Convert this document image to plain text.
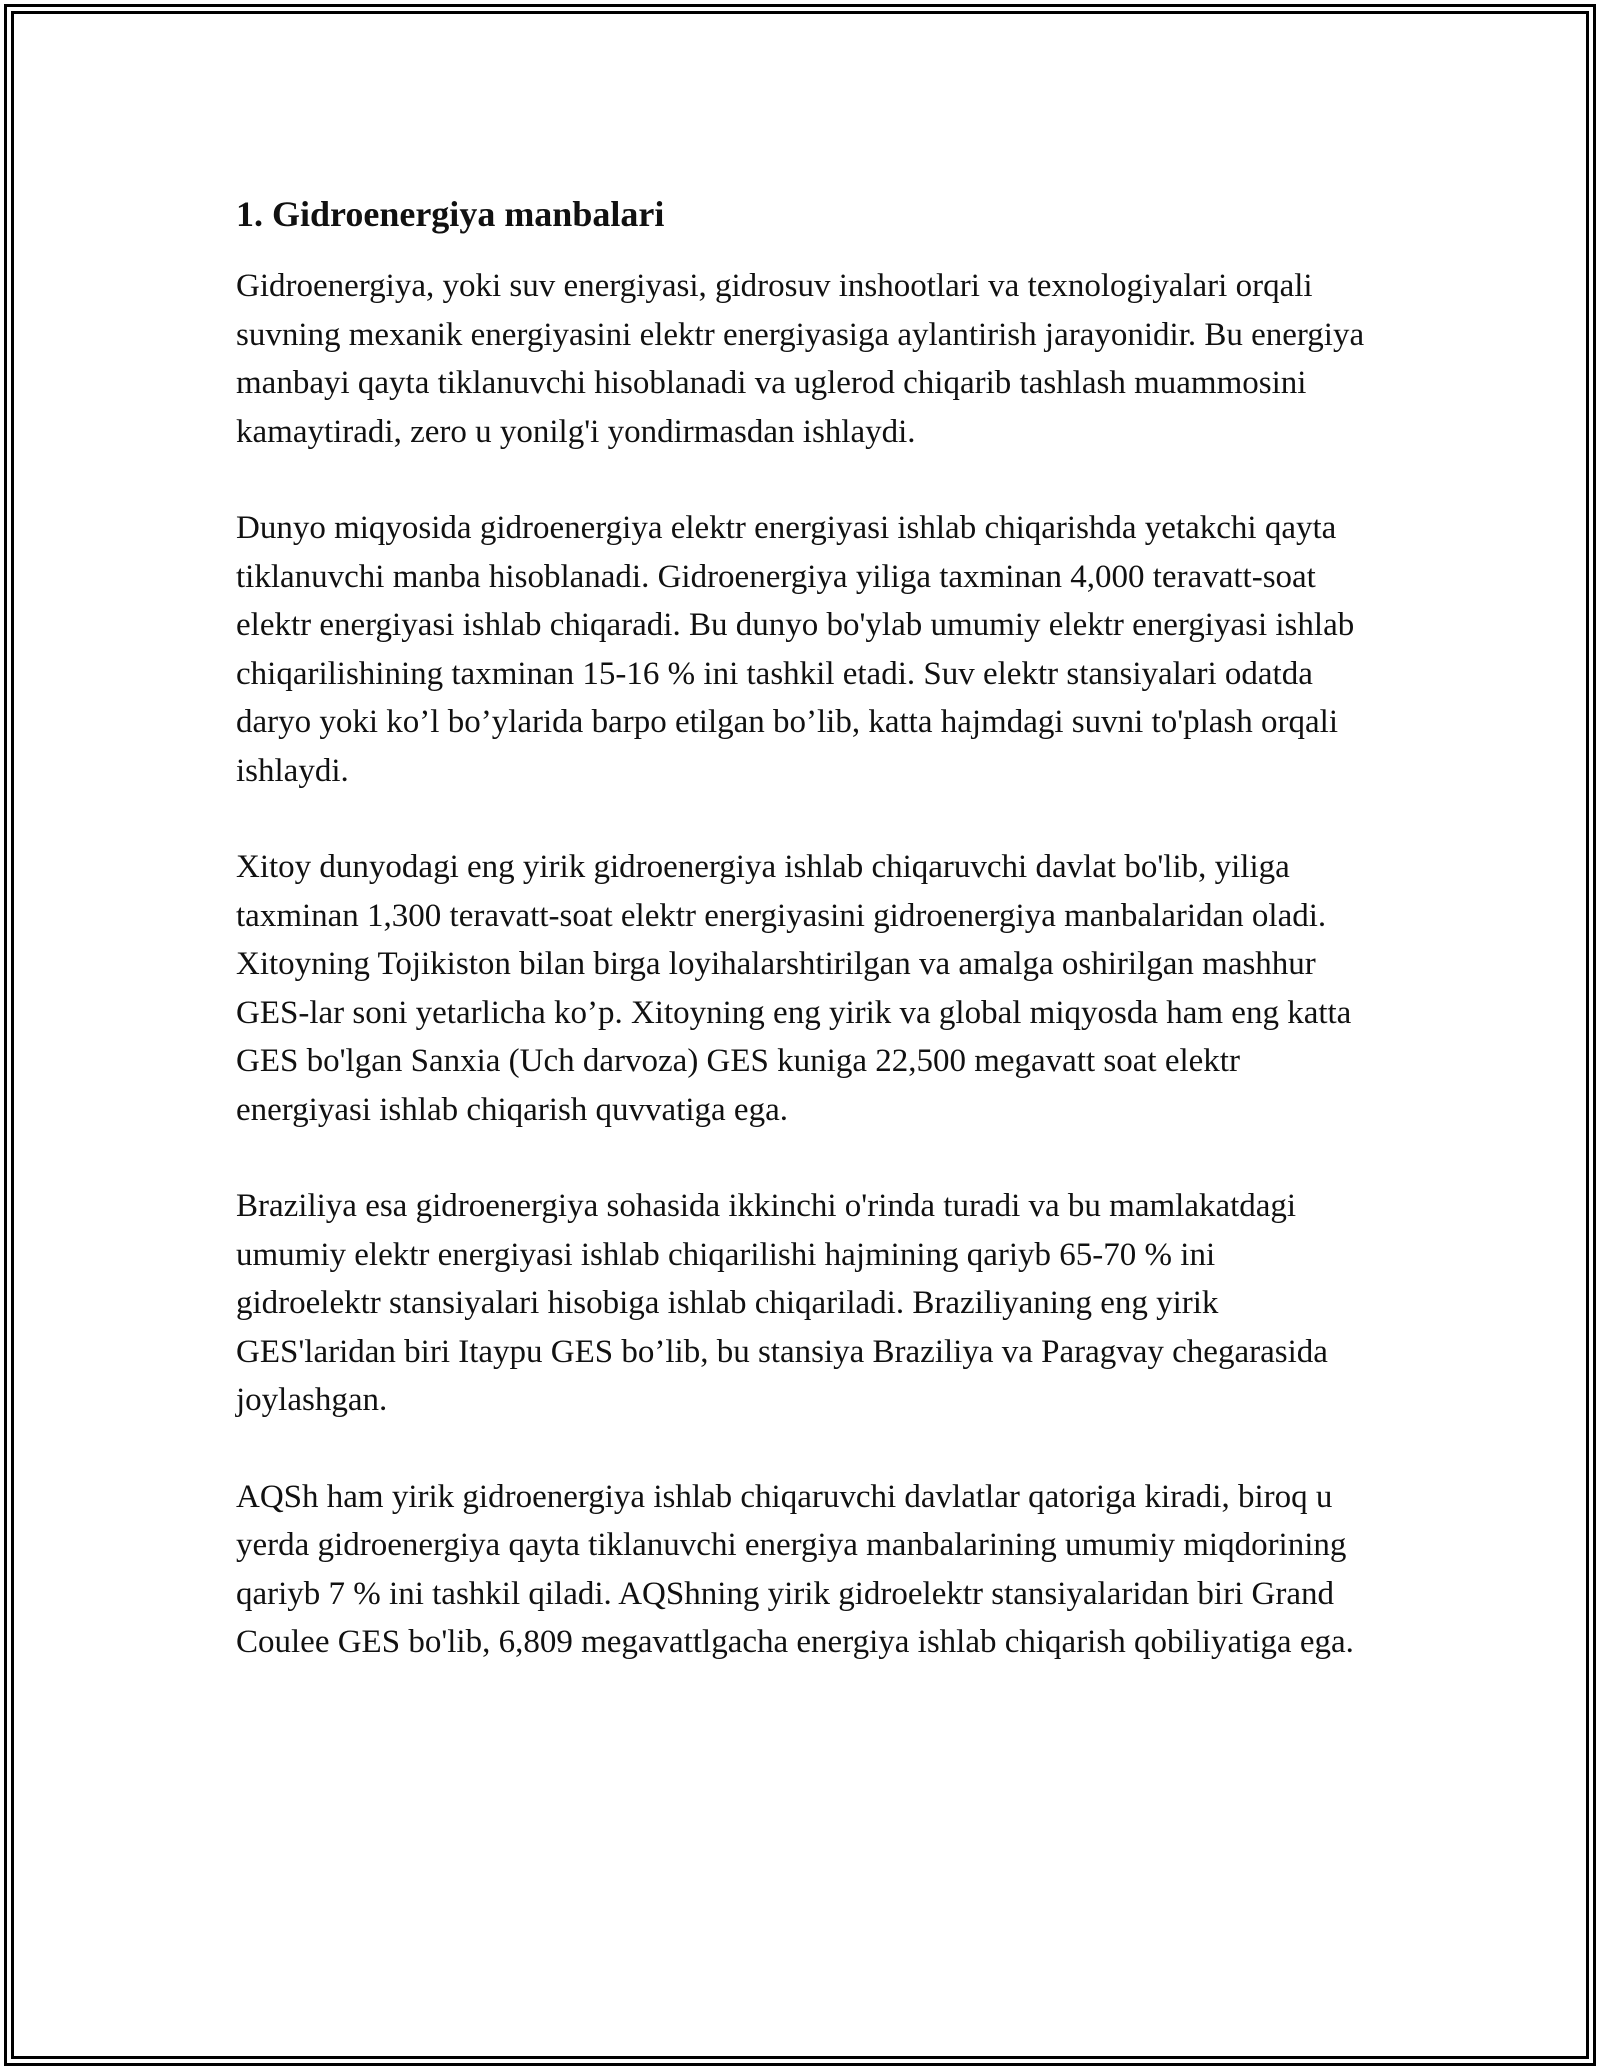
1. Gidroenergiya manbalari

Gidroenergiya, yoki suv energiyasi, gidrosuv inshootlari va texnologiyalari orqali suvning mexanik energiyasini elektr energiyasiga aylantirish jarayonidir. Bu energiya manbayi qayta tiklanuvchi hisoblanadi va uglerod chiqarib tashlash muammosini kamaytiradi, zero u yonilg'i yondirmasdan ishlaydi.

Dunyo miqyosida gidroenergiya elektr energiyasi ishlab chiqarishda yetakchi qayta tiklanuvchi manba hisoblanadi. Gidroenergiya yiliga taxminan 4,000 teravatt-soat elektr energiyasi ishlab chiqaradi. Bu dunyo bo'ylab umumiy elektr energiyasi ishlab chiqarilishining taxminan 15-16 % ini tashkil etadi. Suv elektr stansiyalari odatda daryo yoki ko’l bo’ylarida barpo etilgan bo’lib, katta hajmdagi suvni to'plash orqali ishlaydi.

Xitoy dunyodagi eng yirik gidroenergiya ishlab chiqaruvchi davlat bo'lib, yiliga taxminan 1,300 teravatt-soat elektr energiyasini gidroenergiya manbalaridan oladi. Xitoyning Tojikiston bilan birga loyihalarshtirilgan va amalga oshirilgan mashhur GES-lar soni yetarlicha ko’p. Xitoyning eng yirik va global miqyosda ham eng katta GES bo'lgan Sanxia (Uch darvoza) GES kuniga 22,500 megavatt soat elektr energiyasi ishlab chiqarish quvvatiga ega.

Braziliya esa gidroenergiya sohasida ikkinchi o'rinda turadi va bu mamlakatdagi umumiy elektr energiyasi ishlab chiqarilishi hajmining qariyb 65-70 % ini gidroelektr stansiyalari hisobiga ishlab chiqariladi. Braziliyaning eng yirik GES'laridan biri Itaypu GES bo’lib, bu stansiya Braziliya va Paragvay chegarasida joylashgan.

AQSh ham yirik gidroenergiya ishlab chiqaruvchi davlatlar qatoriga kiradi, biroq u yerda gidroenergiya qayta tiklanuvchi energiya manbalarining umumiy miqdorining qariyb 7 % ini tashkil qiladi. AQShning yirik gidroelektr stansiyalaridan biri Grand Coulee GES bo'lib, 6,809 megavattlgacha energiya ishlab chiqarish qobiliyatiga ega.
